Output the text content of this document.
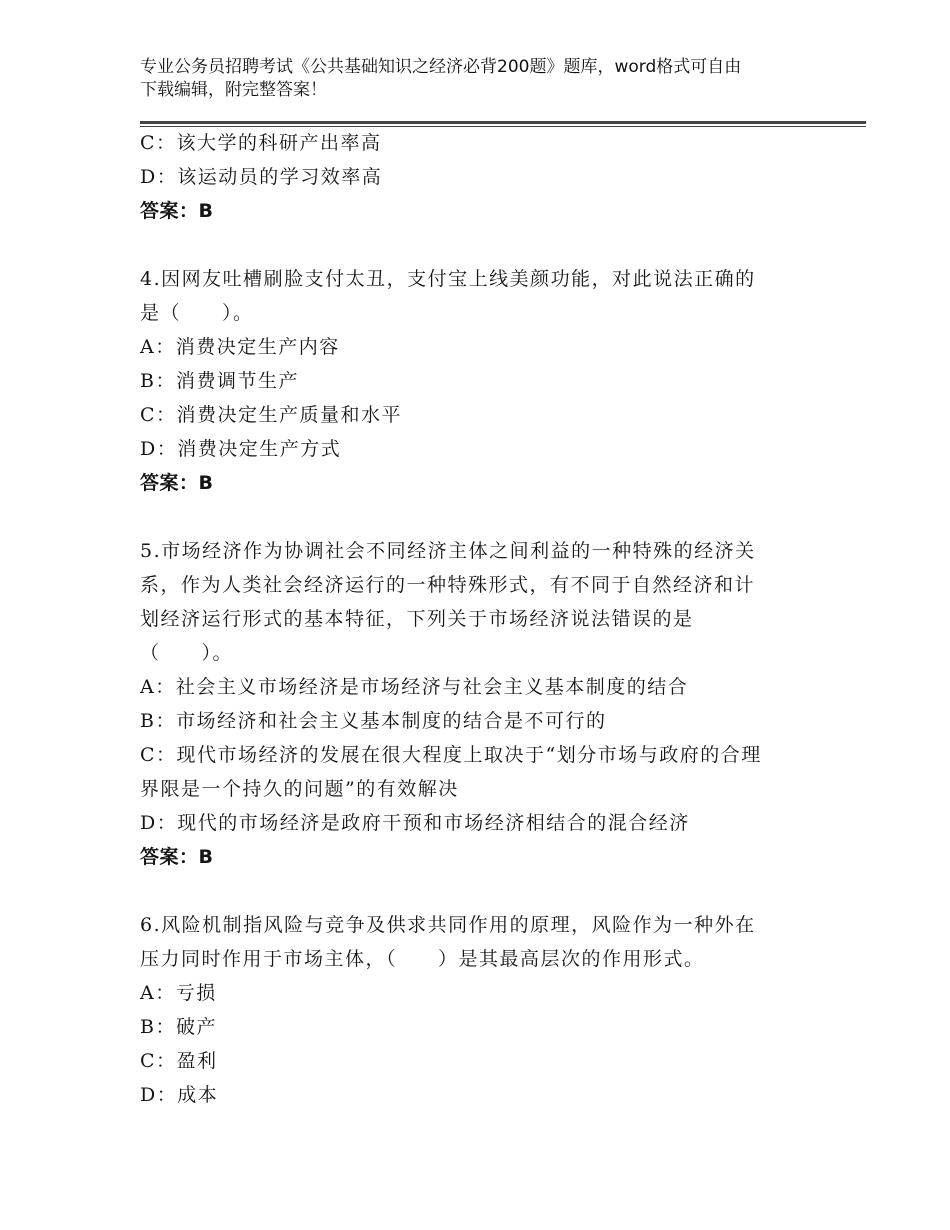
专业公务员招聘考试《公共基础知识之经济必背200题》题库，word格式可自由
下载编辑，附完整答案！
C：该大学的科研产出率高
D：该运动员的学习效率高
答案：B
4.因网友吐槽刷脸支付太丑，支付宝上线美颜功能，对此说法正确的
是（　　）。
A：消费决定生产内容
B：消费调节生产
C：消费决定生产质量和水平
D：消费决定生产方式
答案：B
5.市场经济作为协调社会不同经济主体之间利益的一种特殊的经济关
系，作为人类社会经济运行的一种特殊形式，有不同于自然经济和计
划经济运行形式的基本特征，下列关于市场经济说法错误的是
（　　）。
A：社会主义市场经济是市场经济与社会主义基本制度的结合
B：市场经济和社会主义基本制度的结合是不可行的
C：现代市场经济的发展在很大程度上取决于“划分市场与政府的合理
界限是一个持久的问题”的有效解决
D：现代的市场经济是政府干预和市场经济相结合的混合经济
答案：B
6.风险机制指风险与竞争及供求共同作用的原理，风险作为一种外在
压力同时作用于市场主体，（　　）是其最高层次的作用形式。
A：亏损
B：破产
C：盈利
D：成本
